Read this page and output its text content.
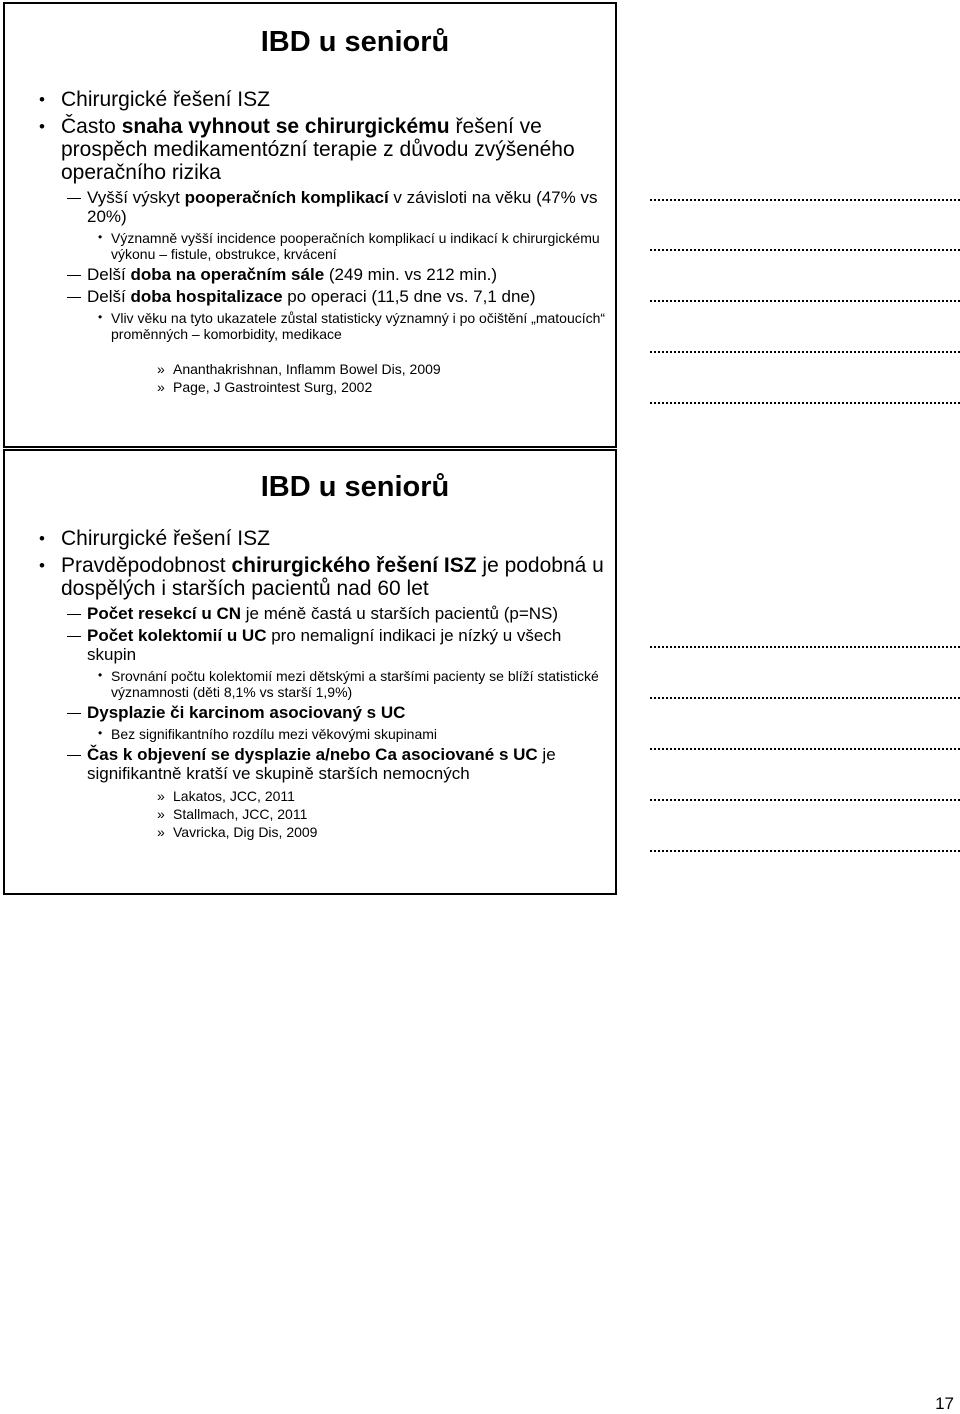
IBD u seniorů
• Chirurgické řešení ISZ
• Často snaha vyhnout se chirurgickému řešení ve prospěch medikamentózní terapie z důvodu zvýšeného operačního rizika
Vyšší výskyt pooperačních komplikací v závisloti na věku (47% vs 20%)
• Významně vyšší incidence pooperačních komplikací u indikací k chirurgickému výkonu – fistule, obstrukce, krvácení
Delší doba na operačním sále (249 min. vs 212 min.)
Delší doba hospitalizace po operaci (11,5 dne vs. 7,1 dne)
• Vliv věku na tyto ukazatele zůstal statisticky významný i po očištění „matoucích“ proměnných – komorbidity, medikace
» Ananthakrishnan, Inflamm Bowel Dis, 2009
» Page, J Gastrointest Surg, 2002
IBD u seniorů
• Chirurgické řešení ISZ
• Pravděpodobnost chirurgického řešení ISZ je podobná u dospělých i starších pacientů nad 60 let
Počet resekcí u CN je méně častá u starších pacientů (p=NS)
Počet kolektomií u UC pro nemaligní indikaci je nízký u všech skupin
• Srovnání počtu kolektomií mezi dětskými a staršími pacienty se blíží statistické významnosti (děti 8,1% vs starší 1,9%)
Dysplazie či karcinom asociovaný s UC
• Bez signifikantního rozdílu mezi věkovými skupinami
Čas k objevení se dysplazie a/nebo Ca asociované s UC je signifikantně kratší ve skupině starších nemocných
» Lakatos, JCC, 2011
» Stallmach, JCC, 2011
» Vavricka, Dig Dis, 2009
17
